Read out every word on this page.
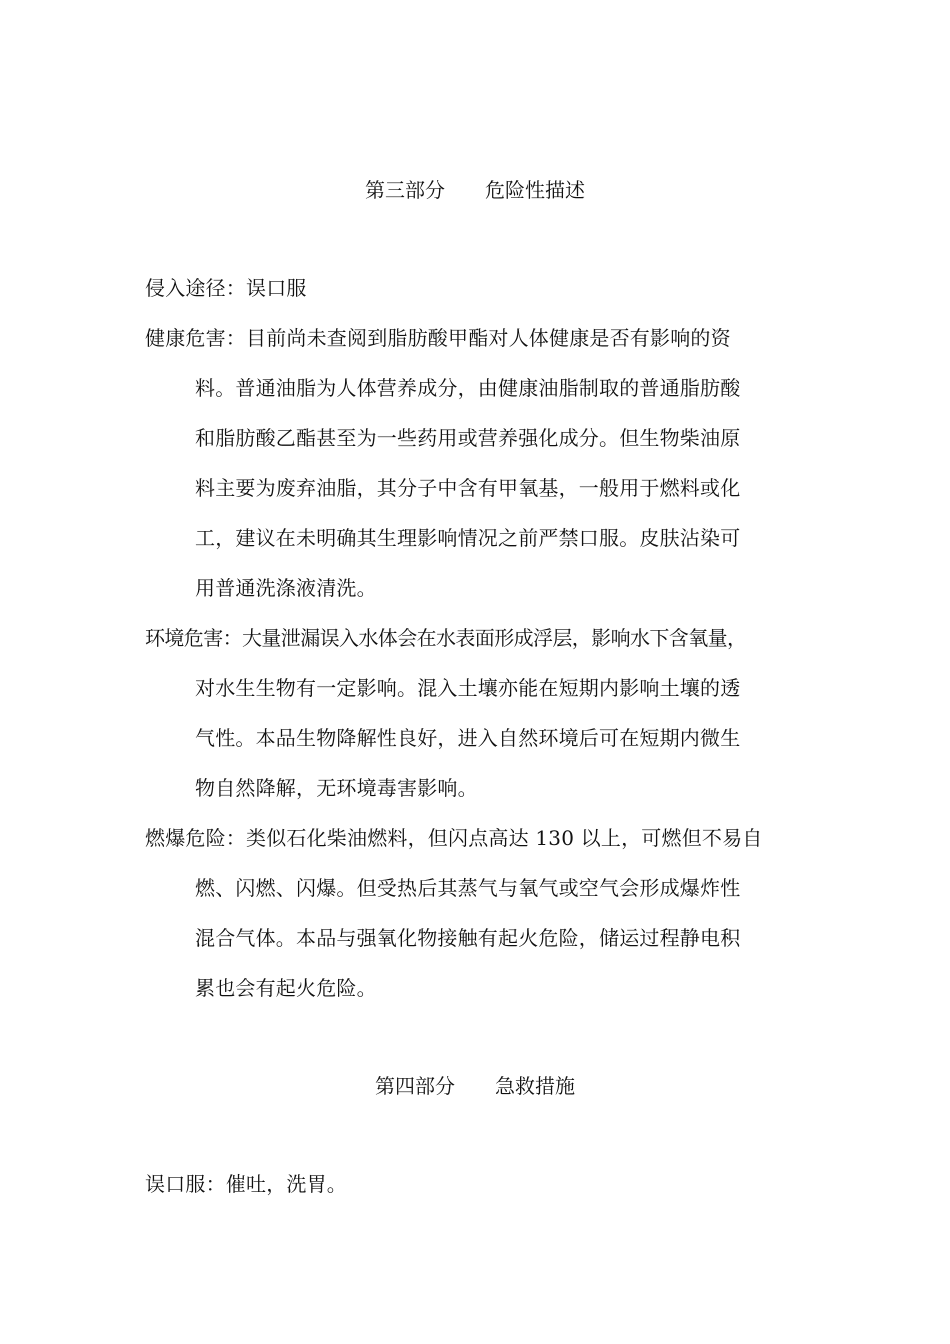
第三部分　　危险性描述
侵入途径：误口服
健康危害：目前尚未查阅到脂肪酸甲酯对人体健康是否有影响的资
料。普通油脂为人体营养成分，由健康油脂制取的普通脂肪酸
和脂肪酸乙酯甚至为一些药用或营养强化成分。但生物柴油原
料主要为废弃油脂，其分子中含有甲氧基，一般用于燃料或化
工，建议在未明确其生理影响情况之前严禁口服。皮肤沾染可
用普通洗涤液清洗。
环境危害：大量泄漏误入水体会在水表面形成浮层，影响水下含氧量，
对水生生物有一定影响。混入土壤亦能在短期内影响土壤的透
气性。本品生物降解性良好，进入自然环境后可在短期内微生
物自然降解，无环境毒害影响。
燃爆危险：类似石化柴油燃料，但闪点高达 130 以上，可燃但不易自
燃、闪燃、闪爆。但受热后其蒸气与氧气或空气会形成爆炸性
混合气体。本品与强氧化物接触有起火危险，储运过程静电积
累也会有起火危险。
第四部分　　急救措施
误口服：催吐，洗胃。
